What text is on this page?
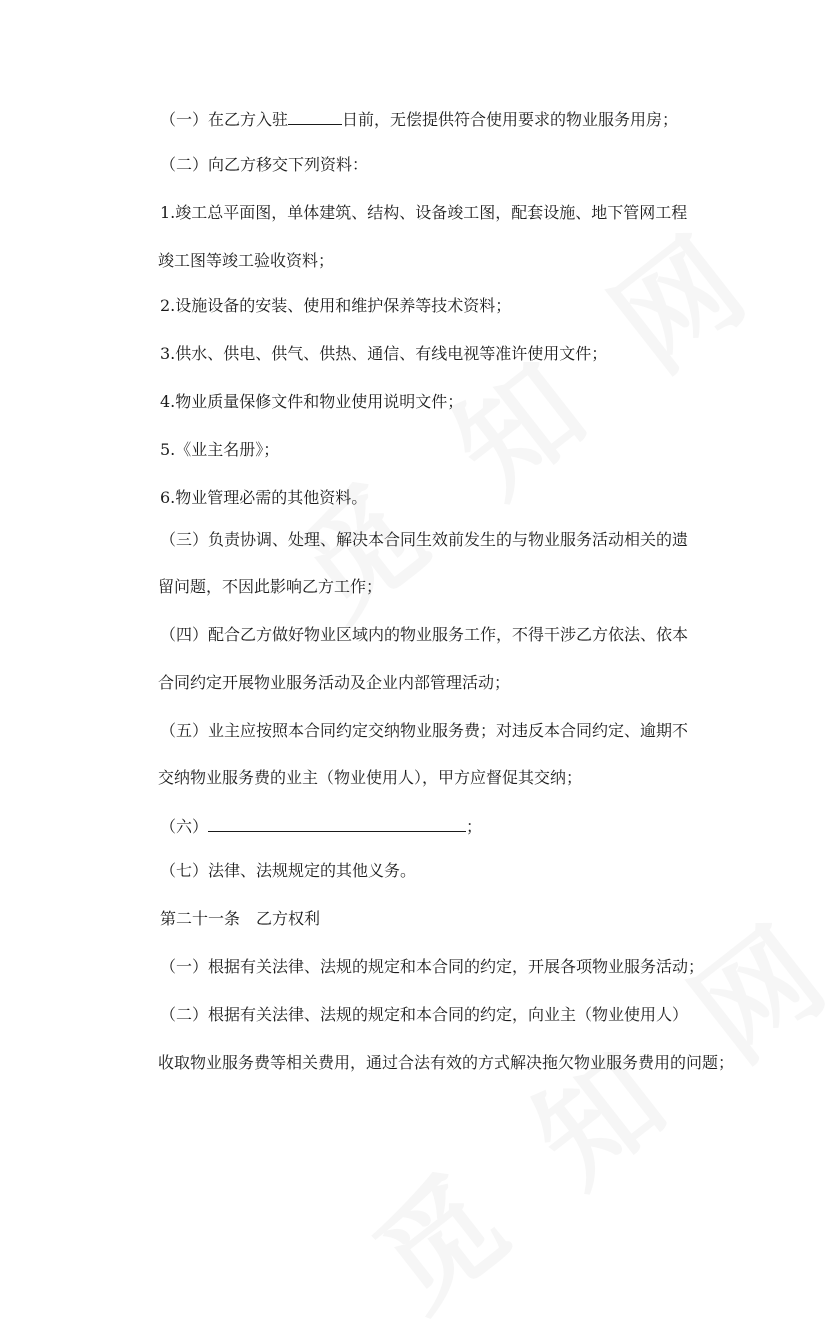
（一）在乙方入驻	日前，无偿提供符合使用要求的物业服务用房；
（二）向乙方移交下列资料：
1.竣工总平面图，单体建筑、结构、设备竣工图，配套设施、地下管网工程
竣工图等竣工验收资料；
2.设施设备的安装、使用和维护保养等技术资料；
3.供水、供电、供气、供热、通信、有线电视等准许使用文件；
4.物业质量保修文件和物业使用说明文件；
5.《业主名册》；
6.物业管理必需的其他资料。
（三）负责协调、处理、解决本合同生效前发生的与物业服务活动相关的遗
留问题，不因此影响乙方工作；
（四）配合乙方做好物业区域内的物业服务工作，不得干涉乙方依法、依本
合同约定开展物业服务活动及企业内部管理活动；
（五）业主应按照本合同约定交纳物业服务费；对违反本合同约定、逾期不
交纳物业服务费的业主（物业使用人），甲方应督促其交纳；
（六）	；
（七）法律、法规规定的其他义务。
第二十一条　乙方权利
（一）根据有关法律、法规的规定和本合同的约定，开展各项物业服务活动；
（二）根据有关法律、法规的规定和本合同的约定，向业主（物业使用人）
收取物业服务费等相关费用，通过合法有效的方式解决拖欠物业服务费用的问题；
